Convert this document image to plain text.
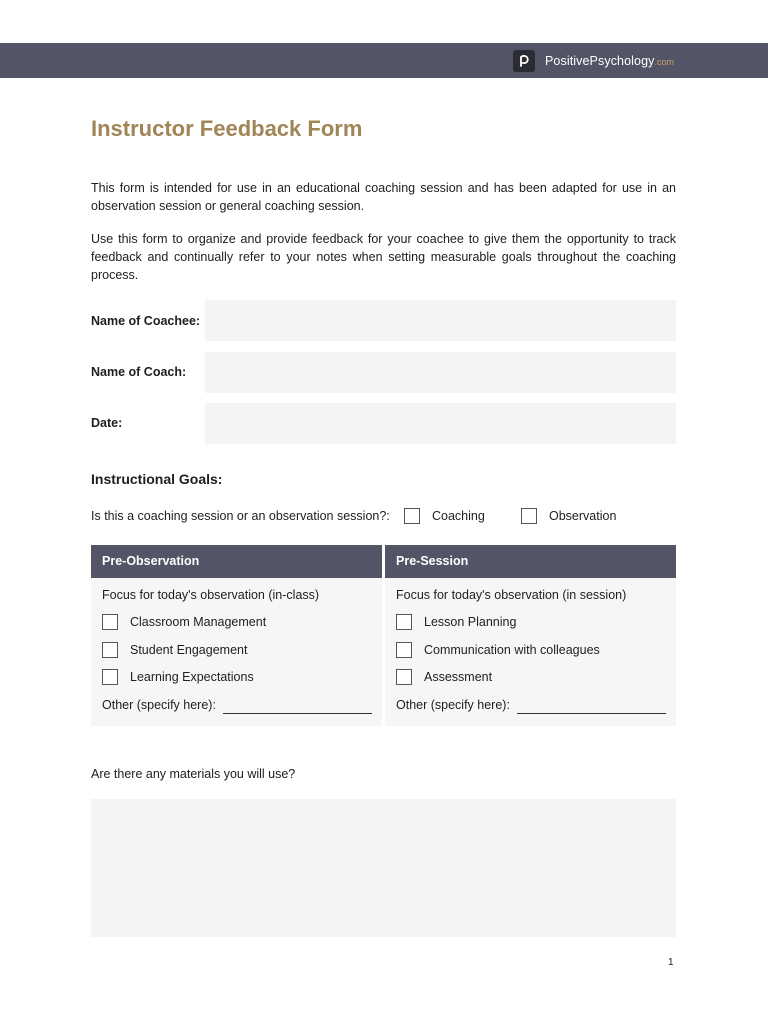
PositivePsychology.com
Instructor Feedback Form

This form is intended for use in an educational coaching session and has been adapted for use in an observation session or general coaching session.

Use this form to organize and provide feedback for your coachee to give them the opportunity to track feedback and continually refer to your notes when setting measurable goals throughout the coaching process.

Name of Coachee:
Name of Coach:
Date:
Instructional Goals:
Is this a coaching session or an observation session?:	Coaching	Observation
Pre-Observation
Focus for today's observation (in-class)
Classroom Management
Student Engagement
Learning Expectations
Other (specify here):
Pre-Session
Focus for today's observation (in session)
Lesson Planning
Communication with colleagues
Assessment
Other (specify here):
Are there any materials you will use?
1
